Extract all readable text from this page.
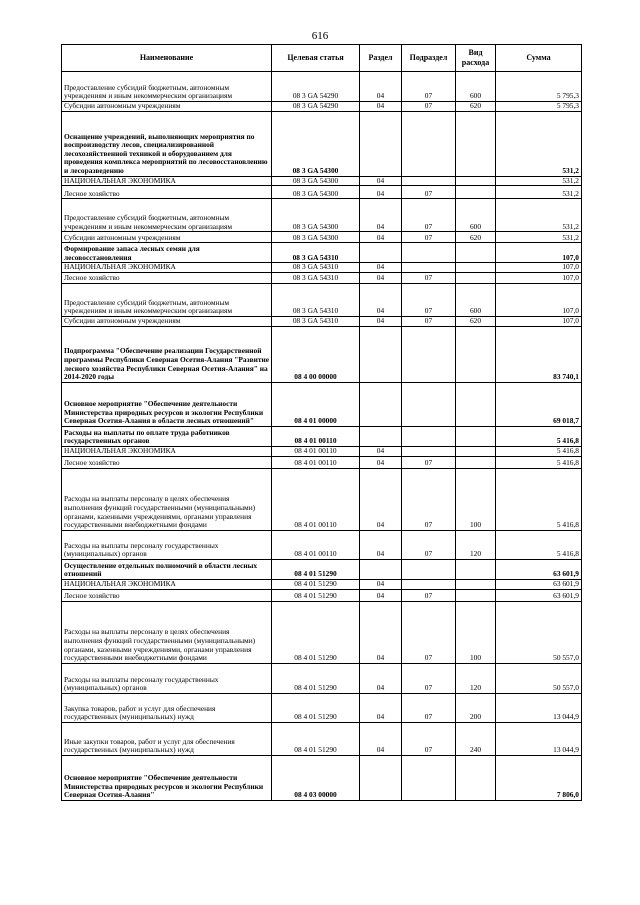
616
Наименование	Целевая статья	Раздел	Подраздел	Вид расхода	Сумма
Предоставление субсидий бюджетным, автономным учреждениям и иным некоммерческим организациям	08 3 GA 54290	04	07	600	5 795,3
Субсидии автономным учреждениям	08 3 GA 54290	04	07	620	5 795,3
Оснащение учреждений, выполняющих мероприятия по воспроизводству лесов, специализированной лесохозяйственной техникой и оборудованием для проведения комплекса мероприятий по лесовосстановлению и лесоразведению	08 3 GA 54300				531,2
НАЦИОНАЛЬНАЯ ЭКОНОМИКА	08 3 GA 54300	04			531,2
Лесное хозяйство	08 3 GA 54300	04	07		531,2
Предоставление субсидий бюджетным, автономным учреждениям и иным некоммерческим организациям	08 3 GA 54300	04	07	600	531,2
Субсидии автономным учреждениям	08 3 GA 54300	04	07	620	531,2
Формирование запаса лесных семян для лесовосстановления	08 3 GA 54310				107,0
НАЦИОНАЛЬНАЯ ЭКОНОМИКА	08 3 GA 54310	04			107,0
Лесное хозяйство	08 3 GA 54310	04	07		107,0
Предоставление субсидий бюджетным, автономным учреждениям и иным некоммерческим организациям	08 3 GA 54310	04	07	600	107,0
Субсидии автономным учреждениям	08 3 GA 54310	04	07	620	107,0
Подпрограмма "Обеспечение реализации Государственной программы Республики Северная Осетия-Алания "Развитие лесного хозяйства Республики Северная Осетия-Алания" на 2014-2020 годы	08 4 00 00000				83 740,1
Основное мероприятие "Обеспечение деятельности Министерства природных ресурсов и экологии Республики Северная Осетия-Алания в области лесных отношений"	08 4 01 00000				69 018,7
Расходы на выплаты по оплате труда работников государственных органов	08 4 01 00110				5 416,8
НАЦИОНАЛЬНАЯ ЭКОНОМИКА	08 4 01 00110	04			5 416,8
Лесное хозяйство	08 4 01 00110	04	07		5 416,8
Расходы на выплаты персоналу в целях обеспечения выполнения функций государственными (муниципальными) органами, казенными учреждениями, органами управления государственными внебюджетными фондами	08 4 01 00110	04	07	100	5 416,8
Расходы на выплаты персоналу государственных (муниципальных) органов	08 4 01 00110	04	07	120	5 416,8
Осуществление отдельных полномочий в области лесных отношений	08 4 01 51290				63 601,9
НАЦИОНАЛЬНАЯ ЭКОНОМИКА	08 4 01 51290	04			63 601,9
Лесное хозяйство	08 4 01 51290	04	07		63 601,9
Расходы на выплаты персоналу в целях обеспечения выполнения функций государственными (муниципальными) органами, казенными учреждениями, органами управления государственными внебюджетными фондами	08 4 01 51290	04	07	100	50 557,0
Расходы на выплаты персоналу государственных (муниципальных) органов	08 4 01 51290	04	07	120	50 557,0
Закупка товаров, работ и услуг для обеспечения государственных (муниципальных) нужд	08 4 01 51290	04	07	200	13 044,9
Иные закупки товаров, работ и услуг для обеспечения государственных (муниципальных) нужд	08 4 01 51290	04	07	240	13 044,9
Основное мероприятие "Обеспечение деятельности Министерства природных ресурсов и экологии Республики Северная Осетия-Алания"	08 4 03 00000				7 806,0
